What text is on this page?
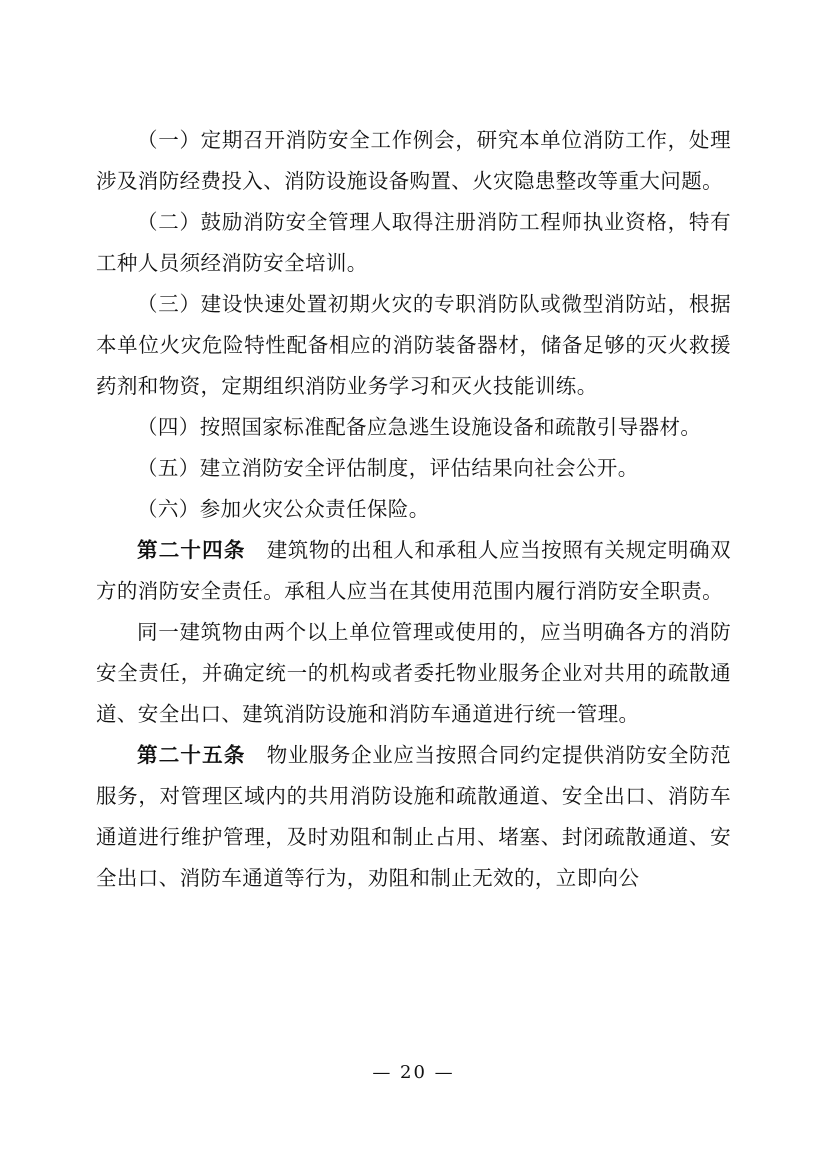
（一）定期召开消防安全工作例会，研究本单位消防工作，处理涉及消防经费投入、消防设施设备购置、火灾隐患整改等重大问题。

（二）鼓励消防安全管理人取得注册消防工程师执业资格，特有工种人员须经消防安全培训。

（三）建设快速处置初期火灾的专职消防队或微型消防站，根据本单位火灾危险特性配备相应的消防装备器材，储备足够的灭火救援药剂和物资，定期组织消防业务学习和灭火技能训练。

（四）按照国家标准配备应急逃生设施设备和疏散引导器材。

（五）建立消防安全评估制度，评估结果向社会公开。

（六）参加火灾公众责任保险。

第二十四条　建筑物的出租人和承租人应当按照有关规定明确双方的消防安全责任。承租人应当在其使用范围内履行消防安全职责。

同一建筑物由两个以上单位管理或使用的，应当明确各方的消防安全责任，并确定统一的机构或者委托物业服务企业对共用的疏散通道、安全出口、建筑消防设施和消防车通道进行统一管理。

第二十五条　物业服务企业应当按照合同约定提供消防安全防范服务，对管理区域内的共用消防设施和疏散通道、安全出口、消防车通道进行维护管理，及时劝阻和制止占用、堵塞、封闭疏散通道、安全出口、消防车通道等行为，劝阻和制止无效的，立即向公

— 20 —
